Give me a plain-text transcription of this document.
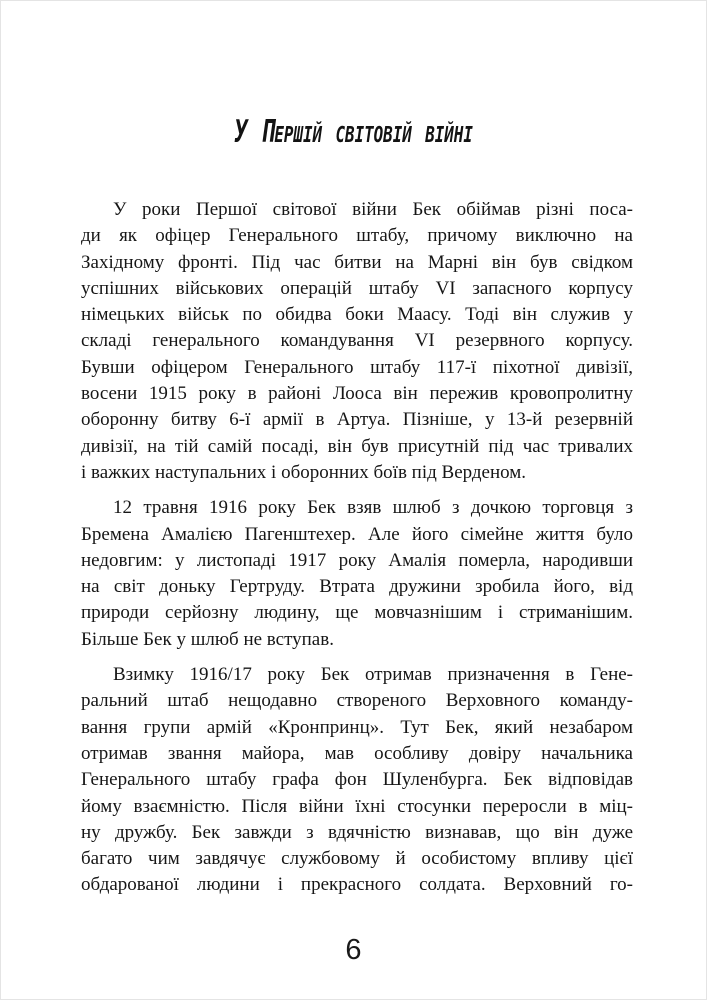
У Першій світовій війні
У роки Першої світової війни Бек обіймав різні поса-
ди як офіцер Генерального штабу, причому виключно на
Західному фронті. Під час битви на Марні він був свідком
успішних військових операцій штабу VI запасного корпусу
німецьких військ по обидва боки Маасу. Тоді він служив у
складі генерального командування VI резервного корпусу.
Бувши офіцером Генерального штабу 117-ї піхотної дивізії,
восени 1915 року в районі Лооса він пережив кровопролитну
оборонну битву 6-ї армії в Артуа. Пізніше, у 13-й резервній
дивізії, на тій самій посаді, він був присутній під час тривалих
і важких наступальних і оборонних боїв під Верденом.
12 травня 1916 року Бек взяв шлюб з дочкою торговця з
Бремена Амалією Пагенштехер. Але його сімейне життя було
недовгим: у листопаді 1917 року Амалія померла, народивши
на світ доньку Гертруду. Втрата дружини зробила його, від
природи серйозну людину, ще мовчазнішим і стриманішим.
Більше Бек у шлюб не вступав.
Взимку 1916/17 року Бек отримав призначення в Гене-
ральний штаб нещодавно створеного Верховного команду-
вання групи армій «Кронпринц». Тут Бек, який незабаром
отримав звання майора, мав особливу довіру начальника
Генерального штабу графа фон Шуленбурга. Бек відповідав
йому взаємністю. Після війни їхні стосунки переросли в міц-
ну дружбу. Бек завжди з вдячністю визнавав, що він дуже
багато чим завдячує службовому й особистому впливу цієї
обдарованої людини і прекрасного солдата. Верховний го-
6
